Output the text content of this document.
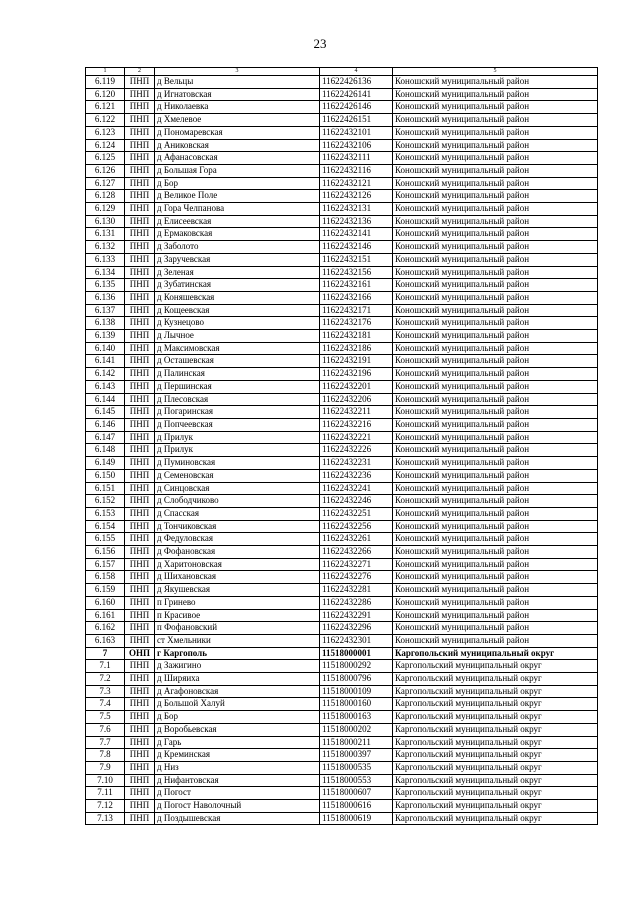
23
1	2	3	4	5
6.119	ПНП	д Вельцы	11622426136	Коношский муниципальный район
6.120	ПНП	д Игнатовская	11622426141	Коношский муниципальный район
6.121	ПНП	д Николаевка	11622426146	Коношский муниципальный район
6.122	ПНП	д Хмелевое	11622426151	Коношский муниципальный район
6.123	ПНП	д Пономаревская	11622432101	Коношский муниципальный район
6.124	ПНП	д Аниковская	11622432106	Коношский муниципальный район
6.125	ПНП	д Афанасовская	11622432111	Коношский муниципальный район
6.126	ПНП	д Большая Гора	11622432116	Коношский муниципальный район
6.127	ПНП	д Бор	11622432121	Коношский муниципальный район
6.128	ПНП	д Великое Поле	11622432126	Коношский муниципальный район
6.129	ПНП	д Гора Челпанова	11622432131	Коношский муниципальный район
6.130	ПНП	д Елисеевская	11622432136	Коношский муниципальный район
6.131	ПНП	д Ермаковская	11622432141	Коношский муниципальный район
6.132	ПНП	д Заболото	11622432146	Коношский муниципальный район
6.133	ПНП	д Заручевская	11622432151	Коношский муниципальный район
6.134	ПНП	д Зеленая	11622432156	Коношский муниципальный район
6.135	ПНП	д Зубатинская	11622432161	Коношский муниципальный район
6.136	ПНП	д Коняшевская	11622432166	Коношский муниципальный район
6.137	ПНП	д Кощеевская	11622432171	Коношский муниципальный район
6.138	ПНП	д Кузнецово	11622432176	Коношский муниципальный район
6.139	ПНП	д Лычное	11622432181	Коношский муниципальный район
6.140	ПНП	д Максимовская	11622432186	Коношский муниципальный район
6.141	ПНП	д Осташевская	11622432191	Коношский муниципальный район
6.142	ПНП	д Палинская	11622432196	Коношский муниципальный район
6.143	ПНП	д Першинская	11622432201	Коношский муниципальный район
6.144	ПНП	д Плесовская	11622432206	Коношский муниципальный район
6.145	ПНП	д Погаринская	11622432211	Коношский муниципальный район
6.146	ПНП	д Попчеевская	11622432216	Коношский муниципальный район
6.147	ПНП	д Прилук	11622432221	Коношский муниципальный район
6.148	ПНП	д Прилук	11622432226	Коношский муниципальный район
6.149	ПНП	д Пуминовская	11622432231	Коношский муниципальный район
6.150	ПНП	д Семеновская	11622432236	Коношский муниципальный район
6.151	ПНП	д Синцовская	11622432241	Коношский муниципальный район
6.152	ПНП	д Слободчиково	11622432246	Коношский муниципальный район
6.153	ПНП	д Спасская	11622432251	Коношский муниципальный район
6.154	ПНП	д Тончиковская	11622432256	Коношский муниципальный район
6.155	ПНП	д Федуловская	11622432261	Коношский муниципальный район
6.156	ПНП	д Фофановская	11622432266	Коношский муниципальный район
6.157	ПНП	д Харитоновская	11622432271	Коношский муниципальный район
6.158	ПНП	д Шихановская	11622432276	Коношский муниципальный район
6.159	ПНП	д Якушевская	11622432281	Коношский муниципальный район
6.160	ПНП	п Гринево	11622432286	Коношский муниципальный район
6.161	ПНП	п Красивое	11622432291	Коношский муниципальный район
6.162	ПНП	п Фофановский	11622432296	Коношский муниципальный район
6.163	ПНП	ст Хмельники	11622432301	Коношский муниципальный район
7	ОНП	г Каргополь	11518000001	Каргопольский муниципальный округ
7.1	ПНП	д Зажигино	11518000292	Каргопольский муниципальный округ
7.2	ПНП	д Ширяиха	11518000796	Каргопольский муниципальный округ
7.3	ПНП	д Агафоновская	11518000109	Каргопольский муниципальный округ
7.4	ПНП	д Большой Халуй	11518000160	Каргопольский муниципальный округ
7.5	ПНП	д Бор	11518000163	Каргопольский муниципальный округ
7.6	ПНП	д Воробьевская	11518000202	Каргопольский муниципальный округ
7.7	ПНП	д Гарь	11518000211	Каргопольский муниципальный округ
7.8	ПНП	д Креминская	11518000397	Каргопольский муниципальный округ
7.9	ПНП	д Низ	11518000535	Каргопольский муниципальный округ
7.10	ПНП	д Нифантовская	11518000553	Каргопольский муниципальный округ
7.11	ПНП	д Погост	11518000607	Каргопольский муниципальный округ
7.12	ПНП	д Погост Наволочный	11518000616	Каргопольский муниципальный округ
7.13	ПНП	д Поздышевская	11518000619	Каргопольский муниципальный округ
